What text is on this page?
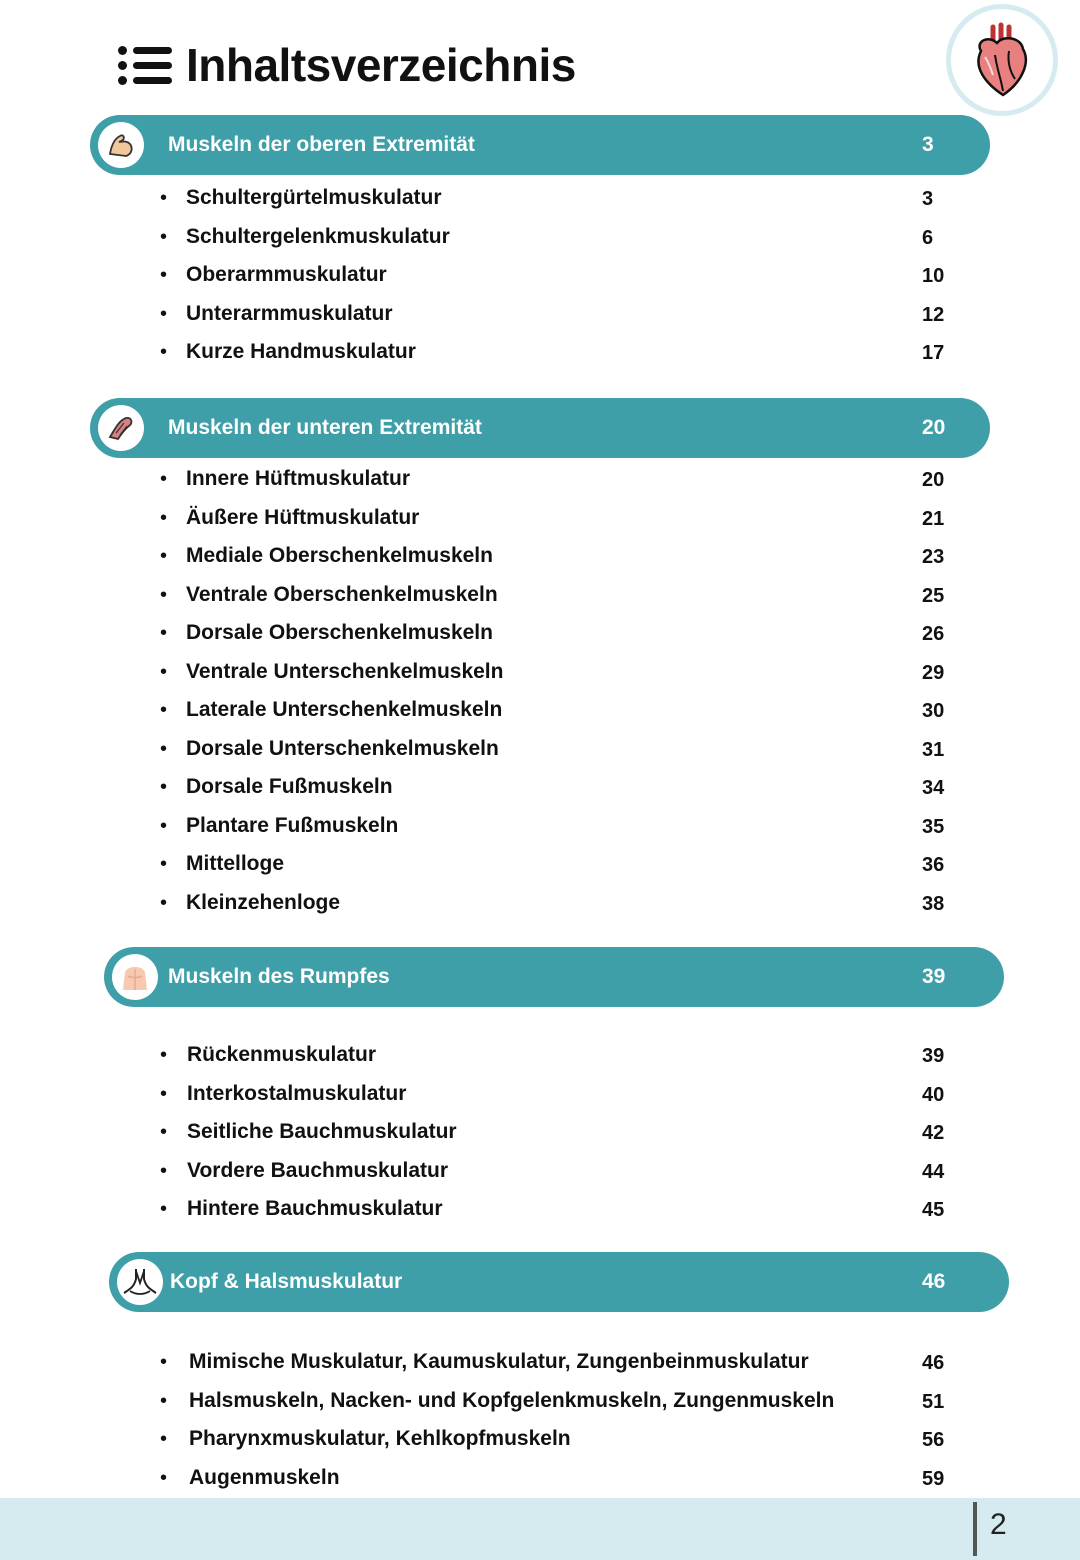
Inhaltsverzeichnis
Muskeln der oberen Extremität	3
Muskeln der unteren Extremität	20
Muskeln des Rumpfes	39
Kopf & Halsmuskulatur	46
2
• Schultergürtelmuskulatur	3
• Schultergelenkmuskulatur	6
• Oberarmmuskulatur	10
• Unterarmmuskulatur	12
• Kurze Handmuskulatur	17
• Innere Hüftmuskulatur	20
• Äußere Hüftmuskulatur	21
• Mediale Oberschenkelmuskeln	23
• Ventrale Oberschenkelmuskeln	25
• Dorsale Oberschenkelmuskeln	26
• Ventrale Unterschenkelmuskeln	29
• Laterale Unterschenkelmuskeln	30
• Dorsale Unterschenkelmuskeln	31
• Dorsale Fußmuskeln	34
• Plantare Fußmuskeln	35
• Mittelloge	36
• Kleinzehenloge	38
• Rückenmuskulatur	39
• Interkostalmuskulatur	40
• Seitliche Bauchmuskulatur	42
• Vordere Bauchmuskulatur	44
• Hintere Bauchmuskulatur	45
• Mimische Muskulatur, Kaumuskulatur, Zungenbeinmuskulatur	46
• Halsmuskeln, Nacken- und Kopfgelenkmuskeln, Zungenmuskeln	51
• Pharynxmuskulatur, Kehlkopfmuskeln	56
• Augenmuskeln	59
